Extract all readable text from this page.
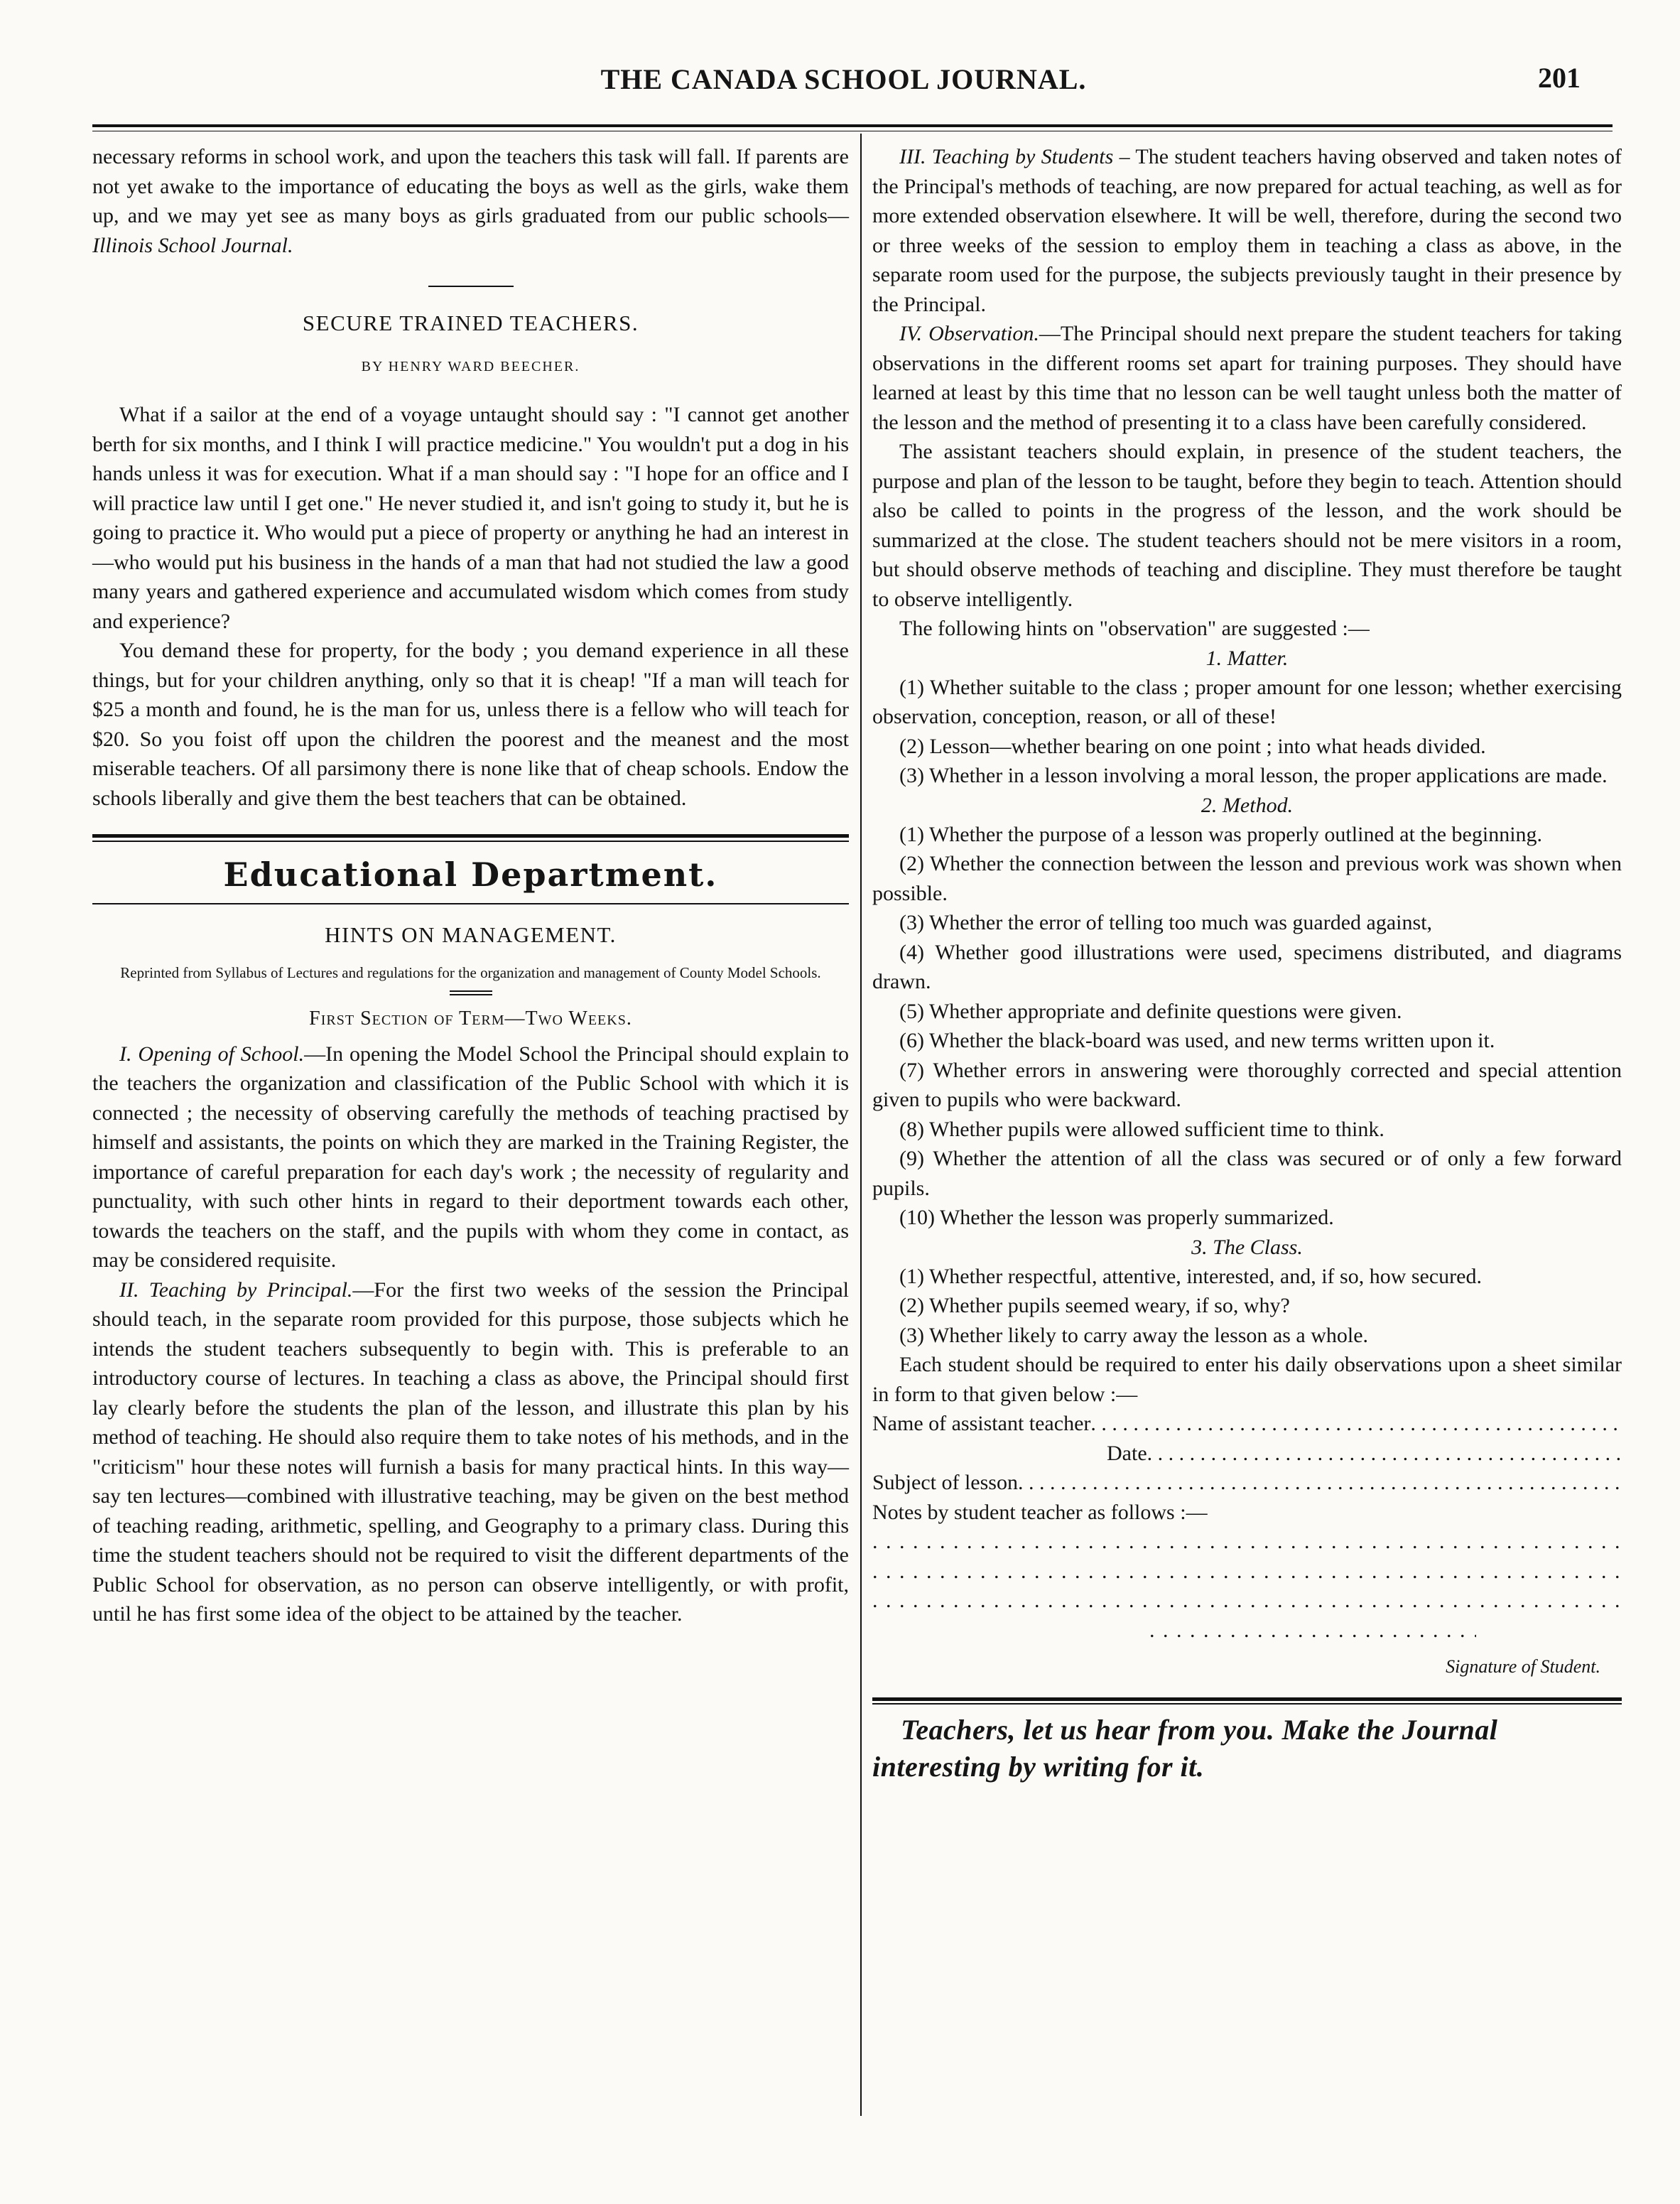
THE CANADA SCHOOL JOURNAL.	201

necessary reforms in school work, and upon the teachers this task will fall. If parents are not yet awake to the importance of educating the boys as well as the girls, wake them up, and we may yet see as many boys as girls graduated from our public schools—Illinois School Journal.

SECURE TRAINED TEACHERS.
BY HENRY WARD BEECHER.

What if a sailor at the end of a voyage untaught should say : "I cannot get another berth for six months, and I think I will practice medicine." You wouldn't put a dog in his hands unless it was for execution. What if a man should say : "I hope for an office and I will practice law until I get one." He never studied it, and isn't going to study it, but he is going to practice it. Who would put a piece of property or anything he had an interest in—who would put his business in the hands of a man that had not studied the law a good many years and gathered experience and accumulated wisdom which comes from study and experience?

You demand these for property, for the body ; you demand experience in all these things, but for your children anything, only so that it is cheap! "If a man will teach for $25 a month and found, he is the man for us, unless there is a fellow who will teach for $20. So you foist off upon the children the poorest and the meanest and the most miserable teachers. Of all parsimony there is none like that of cheap schools. Endow the schools liberally and give them the best teachers that can be obtained.

Educational Department.
HINTS ON MANAGEMENT.
Reprinted from Syllabus of Lectures and regulations for the organization and management of County Model Schools.
First Section of Term—Two Weeks.

I. Opening of School.—In opening the Model School the Principal should explain to the teachers the organization and classification of the Public School with which it is connected ; the necessity of observing carefully the methods of teaching practised by himself and assistants, the points on which they are marked in the Training Register, the importance of careful preparation for each day's work ; the necessity of regularity and punctuality, with such other hints in regard to their deportment towards each other, towards the teachers on the staff, and the pupils with whom they come in contact, as may be considered requisite.

II. Teaching by Principal.—For the first two weeks of the session the Principal should teach, in the separate room provided for this purpose, those subjects which he intends the student teachers subsequently to begin with. This is preferable to an introductory course of lectures. In teaching a class as above, the Principal should first lay clearly before the students the plan of the lesson, and illustrate this plan by his method of teaching. He should also require them to take notes of his methods, and in the "criticism" hour these notes will furnish a basis for many practical hints. In this way—say ten lectures—combined with illustrative teaching, may be given on the best method of teaching reading, arithmetic, spelling, and Geography to a primary class. During this time the student teachers should not be required to visit the different departments of the Public School for observation, as no person can observe intelligently, or with profit, until he has first some idea of the object to be attained by the teacher.

III. Teaching by Students – The student teachers having observed and taken notes of the Principal's methods of teaching, are now prepared for actual teaching, as well as for more extended observation elsewhere. It will be well, therefore, during the second two or three weeks of the session to employ them in teaching a class as above, in the separate room used for the purpose, the subjects previously taught in their presence by the Principal.

IV. Observation.—The Principal should next prepare the student teachers for taking observations in the different rooms set apart for training purposes. They should have learned at least by this time that no lesson can be well taught unless both the matter of the lesson and the method of presenting it to a class have been carefully considered.

The assistant teachers should explain, in presence of the student teachers, the purpose and plan of the lesson to be taught, before they begin to teach. Attention should also be called to points in the progress of the lesson, and the work should be summarized at the close. The student teachers should not be mere visitors in a room, but should observe methods of teaching and discipline. They must therefore be taught to observe intelligently.

The following hints on "observation" are suggested :—

1. Matter.

(1) Whether suitable to the class ; proper amount for one lesson; whether exercising observation, conception, reason, or all of these!

(2) Lesson—whether bearing on one point ; into what heads divided.

(3) Whether in a lesson involving a moral lesson, the proper applications are made.

2. Method.

(1) Whether the purpose of a lesson was properly outlined at the beginning.

(2) Whether the connection between the lesson and previous work was shown when possible.

(3) Whether the error of telling too much was guarded against,

(4) Whether good illustrations were used, specimens distributed, and diagrams drawn.

(5) Whether appropriate and definite questions were given.

(6) Whether the black-board was used, and new terms written upon it.

(7) Whether errors in answering were thoroughly corrected and special attention given to pupils who were backward.

(8) Whether pupils were allowed sufficient time to think.

(9) Whether the attention of all the class was secured or of only a few forward pupils.

(10) Whether the lesson was properly summarized.

3. The Class.

(1) Whether respectful, attentive, interested, and, if so, how secured.

(2) Whether pupils seemed weary, if so, why?

(3) Whether likely to carry away the lesson as a whole.

Each student should be required to enter his daily observations upon a sheet similar in form to that given below :—

Name of assistant teacher
. . .
Date
. . .
Subject of lesson
. . .
Notes by student teacher as follows :—
. . .
. . .
. . .
. . .
Signature of Student.

Teachers, let us hear from you. Make the Journal interesting by writing for it.
